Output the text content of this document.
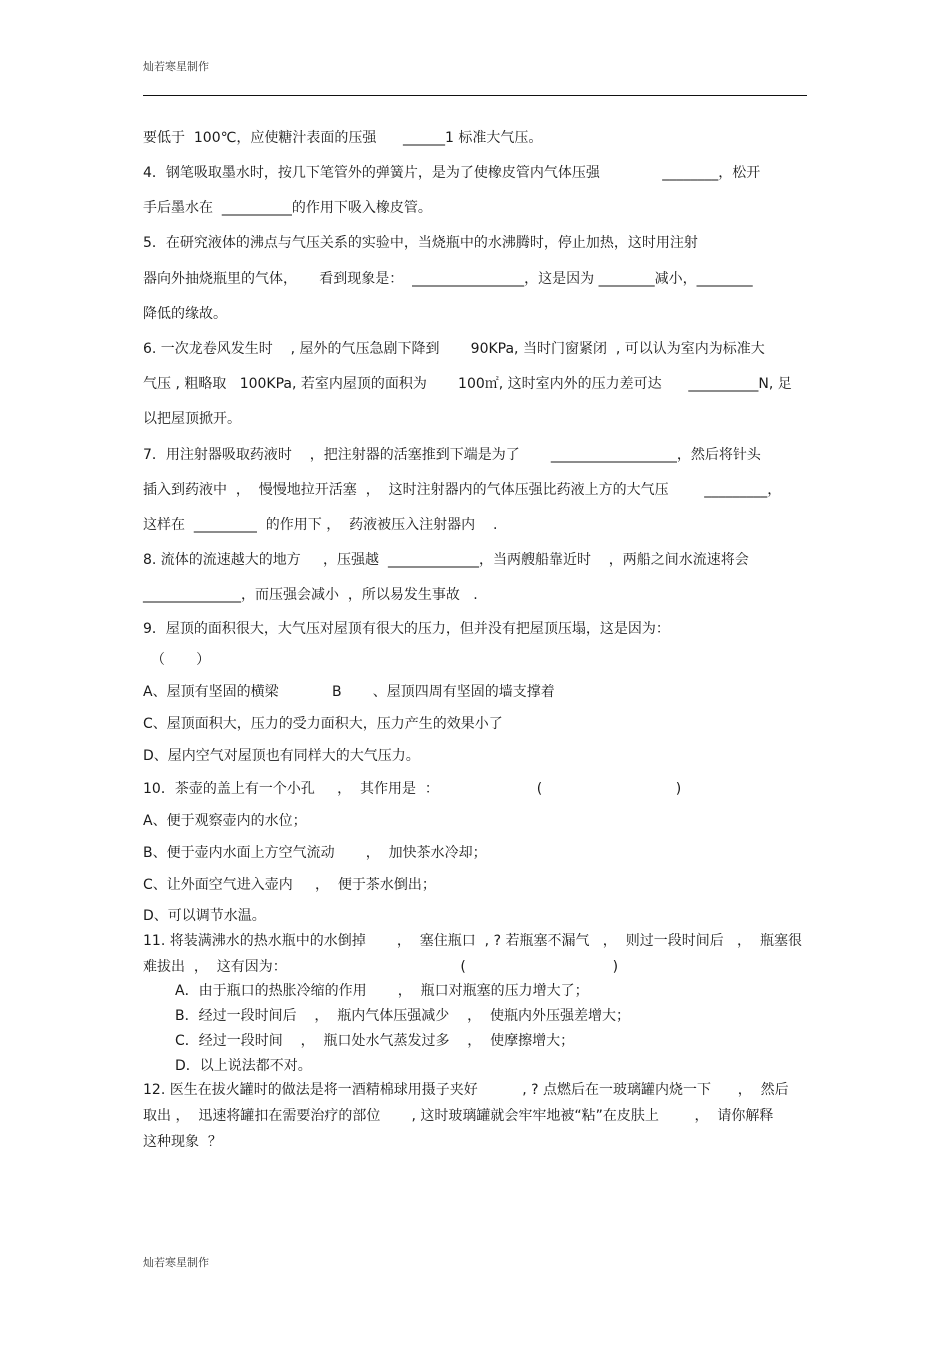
灿若寒星制作
要低于  100℃，应使糖汁表面的压强      ______1 标准大气压。
4．钢笔吸取墨水时，按几下笔管外的弹簧片，是为了使橡皮管内气体压强              ________，松开
手后墨水在  __________的作用下吸入橡皮管。
5．在研究液体的沸点与气压关系的实验中，当烧瓶中的水沸腾时，停止加热，这时用注射
器向外抽烧瓶里的气体，     看到现象是：  ________________，这是因为 ________减小，________
降低的缘故。
6. 一次龙卷风发生时    , 屋外的气压急剧下降到       90KPa, 当时门窗紧闭  , 可以认为室内为标准大
气压 , 粗略取   100KPa, 若室内屋顶的面积为       100㎡, 这时室内外的压力差可达      __________N, 足
以把屋顶掀开。
7．用注射器吸取药液时    ，把注射器的活塞推到下端是为了       __________________，然后将针头
插入到药液中  ，  慢慢地拉开活塞  ，  这时注射器内的气体压强比药液上方的大气压        _________，
这样在  _________  的作用下 ，  药液被压入注射器内    .
8. 流体的流速越大的地方     ，压强越  _____________，当两艘船靠近时    ，两船之间水流速将会
______________，而压强会减小  ，所以易发生事故   .
9．屋顶的面积很大，大气压对屋顶有很大的压力，但并没有把屋顶压塌，这是因为：
（       ）
A、屋顶有坚固的横梁            B       、屋顶四周有坚固的墙支撑着
C、屋顶面积大，压力的受力面积大，压力产生的效果小了
D、屋内空气对屋顶也有同样大的大气压力。
10．茶壶的盖上有一个小孔     ，  其作用是  ：                      (                              )
A、便于观察壶内的水位；
B、便于壶内水面上方空气流动       ，  加快茶水冷却；
C、让外面空气进入壶内     ，  便于茶水倒出；
D、可以调节水温。
11. 将装满沸水的热水瓶中的水倒掉       ，  塞住瓶口  , ? 若瓶塞不漏气   ，  则过一段时间后   ，  瓶塞很
难拔出  ，  这有因为：                                       (                                 )
A．由于瓶口的热胀冷缩的作用       ，  瓶口对瓶塞的压力增大了；
B．经过一段时间后    ，  瓶内气体压强减少    ，  使瓶内外压强差增大；
C．经过一段时间    ，  瓶口处水气蒸发过多    ，  使摩擦增大；
D．以上说法都不对。
12. 医生在拔火罐时的做法是将一酒精棉球用摄子夹好          , ? 点燃后在一玻璃罐内烧一下      ，  然后
取出 ，  迅速将罐扣在需要治疗的部位       , 这时玻璃罐就会牢牢地被“粘”在皮肤上        ，  请你解释
这种现象  ？
灿若寒星制作
